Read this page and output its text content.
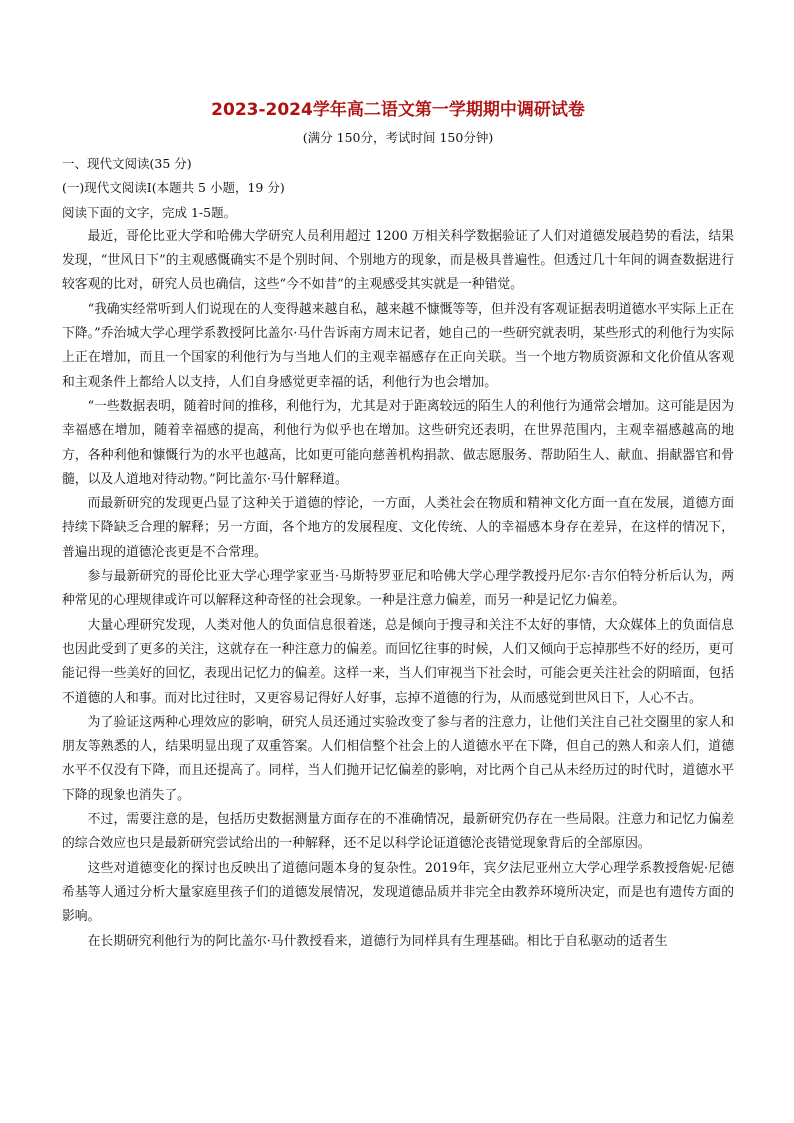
2023-2024学年高二语文第一学期期中调研试卷
(满分 150分，考试时间 150分钟)

一、现代文阅读(35 分)

(一)现代文阅读Ⅰ(本题共 5 小题，19 分)

阅读下面的文字，完成 1-5题。

最近，哥伦比亚大学和哈佛大学研究人员利用超过 1200 万相关科学数据验证了人们对道德发展趋势的看法，结果发现，“世风日下”的主观感慨确实不是个别时间、个别地方的现象，而是极具普遍性。但透过几十年间的调查数据进行较客观的比对，研究人员也确信，这些“今不如昔”的主观感受其实就是一种错觉。

“我确实经常听到人们说现在的人变得越来越自私，越来越不慷慨等等，但并没有客观证据表明道德水平实际上正在下降。”乔治城大学心理学系教授阿比盖尔·马什告诉南方周末记者，她自己的一些研究就表明，某些形式的利他行为实际上正在增加，而且一个国家的利他行为与当地人们的主观幸福感存在正向关联。当一个地方物质资源和文化价值从客观和主观条件上都给人以支持，人们自身感觉更幸福的话，利他行为也会增加。

“一些数据表明，随着时间的推移，利他行为，尤其是对于距离较远的陌生人的利他行为通常会增加。这可能是因为幸福感在增加，随着幸福感的提高，利他行为似乎也在增加。这些研究还表明，在世界范围内，主观幸福感越高的地方，各种利他和慷慨行为的水平也越高，比如更可能向慈善机构捐款、做志愿服务、帮助陌生人、献血、捐献器官和骨髓，以及人道地对待动物。”阿比盖尔·马什解释道。

而最新研究的发现更凸显了这种关于道德的悖论，一方面，人类社会在物质和精神文化方面一直在发展，道德方面持续下降缺乏合理的解释；另一方面，各个地方的发展程度、文化传统、人的幸福感本身存在差异，在这样的情况下，普遍出现的道德沦丧更是不合常理。

参与最新研究的哥伦比亚大学心理学家亚当·马斯特罗亚尼和哈佛大学心理学教授丹尼尔·吉尔伯特分析后认为，两种常见的心理规律或许可以解释这种奇怪的社会现象。一种是注意力偏差，而另一种是记忆力偏差。

大量心理研究发现，人类对他人的负面信息很着迷，总是倾向于搜寻和关注不太好的事情，大众媒体上的负面信息也因此受到了更多的关注，这就存在一种注意力的偏差。而回忆往事的时候，人们又倾向于忘掉那些不好的经历，更可能记得一些美好的回忆，表现出记忆力的偏差。这样一来，当人们审视当下社会时，可能会更关注社会的阴暗面，包括不道德的人和事。而对比过往时，又更容易记得好人好事，忘掉不道德的行为，从而感觉到世风日下，人心不古。

为了验证这两种心理效应的影响，研究人员还通过实验改变了参与者的注意力，让他们关注自己社交圈里的家人和朋友等熟悉的人，结果明显出现了双重答案。人们相信整个社会上的人道德水平在下降，但自己的熟人和亲人们，道德水平不仅没有下降，而且还提高了。同样，当人们抛开记忆偏差的影响，对比两个自己从未经历过的时代时，道德水平下降的现象也消失了。

不过，需要注意的是，包括历史数据测量方面存在的不准确情况，最新研究仍存在一些局限。注意力和记忆力偏差的综合效应也只是最新研究尝试给出的一种解释，还不足以科学论证道德沦丧错觉现象背后的全部原因。

这些对道德变化的探讨也反映出了道德问题本身的复杂性。2019年，宾夕法尼亚州立大学心理学系教授詹妮·尼德希基等人通过分析大量家庭里孩子们的道德发展情况，发现道德品质并非完全由教养环境所决定，而是也有遗传方面的影响。

在长期研究利他行为的阿比盖尔·马什教授看来，道德行为同样具有生理基础。相比于自私驱动的适者生
